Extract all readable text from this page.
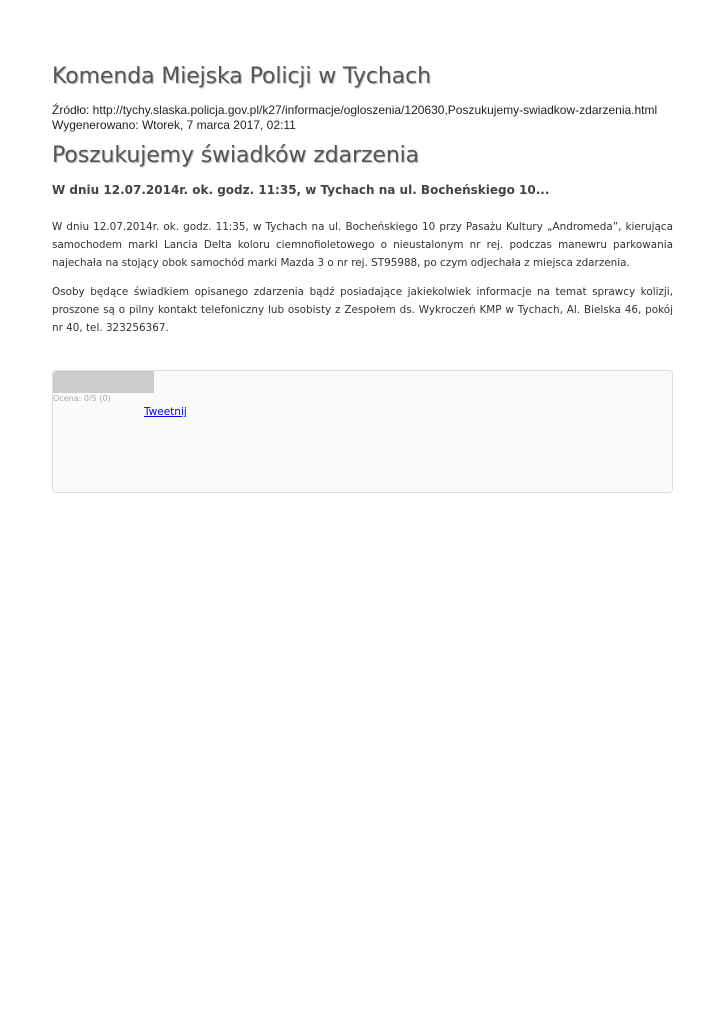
Komenda Miejska Policji w Tychach
Źródło: http://tychy.slaska.policja.gov.pl/k27/informacje/ogloszenia/120630,Poszukujemy-swiadkow-zdarzenia.html
Wygenerowano: Wtorek, 7 marca 2017, 02:11
Poszukujemy świadków zdarzenia

W dniu 12.07.2014r. ok. godz. 11:35, w Tychach na ul. Bocheńskiego 10...

W dniu 12.07.2014r. ok. godz. 11:35, w Tychach na ul. Bocheńskiego 10 przy Pasażu Kultury „Andromeda”, kierująca samochodem marki Lancia Delta koloru ciemnofioletowego o nieustalonym nr rej. podczas manewru parkowania najechała na stojący obok samochód marki Mazda 3 o nr rej. ST95988, po czym odjechała z miejsca zdarzenia.

Osoby będące świadkiem opisanego zdarzenia bądź posiadające jakiekolwiek informacje na temat sprawcy kolizji, proszone są o pilny kontakt telefoniczny lub osobisty z Zespołem ds. Wykroczeń KMP w Tychach, Al. Bielska 46, pokój nr 40, tel. 323256367.

Ocena: 0/5 (0)
Tweetnij
